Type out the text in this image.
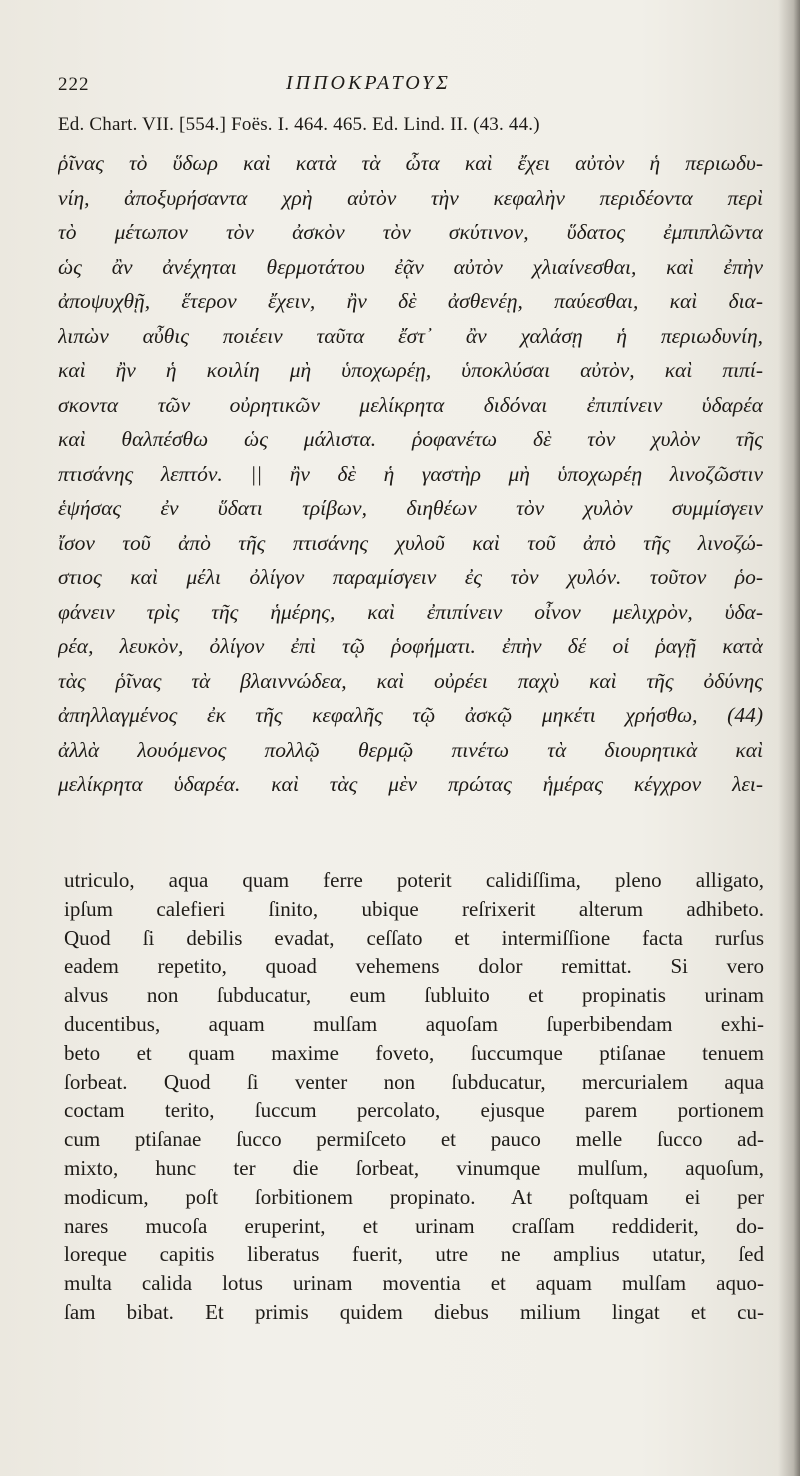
222	ΙΠΠΟΚΡΑΤΟΥΣ
Ed. Chart. VII. [554.] Foës. I. 464. 465. Ed. Lind. II. (43. 44.)
ῥῖνας τὸ ὕδωρ καὶ κατὰ τὰ ὦτα καὶ ἔχει αὐτὸν ἡ περιωδυ-
νίη, ἀποξυρήσαντα χρὴ αὐτὸν τὴν κεφαλὴν περιδέοντα περὶ
τὸ μέτωπον τὸν ἀσκὸν τὸν σκύτινον, ὕδατος ἐμπιπλῶντα
ὡς ἂν ἀνέχηται θερμοτάτου ἐᾷν αὐτὸν χλιαίνεσθαι, καὶ ἐπὴν
ἀποψυχθῇ, ἕτερον ἔχειν, ἢν δὲ ἀσθενέῃ, παύεσθαι, καὶ δια-
λιπὼν αὖθις ποιέειν ταῦτα ἔστ᾽ ἂν χαλάσῃ ἡ περιωδυνίη,
καὶ ἢν ἡ κοιλίη μὴ ὑποχωρέῃ, ὑποκλύσαι αὐτὸν, καὶ πιπί-
σκοντα τῶν οὐρητικῶν μελίκρητα διδόναι ἐπιπίνειν ὑδαρέα
καὶ θαλπέσθω ὡς μάλιστα. ῥοφανέτω δὲ τὸν χυλὸν τῆς
πτισάνης λεπτόν. || ἢν δὲ ἡ γαστὴρ μὴ ὑποχωρέῃ λινοζῶστιν
ἑψήσας ἐν ὕδατι τρίβων, διηθέων τὸν χυλὸν συμμίσγειν
ἴσον τοῦ ἀπὸ τῆς πτισάνης χυλοῦ καὶ τοῦ ἀπὸ τῆς λινοζώ-
στιος καὶ μέλι ὀλίγον παραμίσγειν ἐς τὸν χυλόν. τοῦτον ῥο-
φάνειν τρὶς τῆς ἡμέρης, καὶ ἐπιπίνειν οἶνον μελιχρὸν, ὑδα-
ρέα, λευκὸν, ὀλίγον ἐπὶ τῷ ῥοφήματι. ἐπὴν δέ οἱ ῥαγῇ κατὰ
τὰς ῥῖνας τὰ βλαιννώδεα, καὶ οὐρέει παχὺ καὶ τῆς ὀδύνης
ἀπηλλαγμένος ἐκ τῆς κεφαλῆς τῷ ἀσκῷ μηκέτι χρήσθω, (44)
ἀλλὰ λουόμενος πολλῷ θερμῷ πινέτω τὰ διουρητικὰ καὶ
μελίκρητα ὑδαρέα. καὶ τὰς μὲν πρώτας ἡμέρας κέγχρον λει-
utriculo, aqua quam ferre poterit calidiſſima, pleno alligato,
ipſum calefieri ſinito, ubique reſrixerit alterum adhibeto.
Quod ſi debilis evadat, ceſſato et intermiſſione facta rurſus
eadem repetito, quoad vehemens dolor remittat. Si vero
alvus non ſubducatur, eum ſubluito et propinatis urinam
ducentibus, aquam mulſam aquoſam ſuperbibendam exhi-
beto et quam maxime foveto, ſuccumque ptiſanae tenuem
ſorbeat. Quod ſi venter non ſubducatur, mercurialem aqua
coctam terito, ſuccum percolato, ejusque parem portionem
cum ptiſanae ſucco permiſceto et pauco melle ſucco ad-
mixto, hunc ter die ſorbeat, vinumque mulſum, aquoſum,
modicum, poſt ſorbitionem propinato. At poſtquam ei per
nares mucoſa eruperint, et urinam craſſam reddiderit, do-
loreque capitis liberatus fuerit, utre ne amplius utatur, ſed
multa calida lotus urinam moventia et aquam mulſam aquo-
ſam bibat. Et primis quidem diebus milium lingat et cu-
